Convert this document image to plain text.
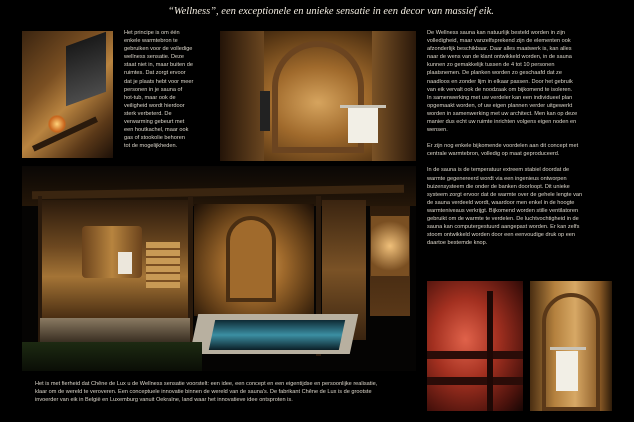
“Wellness”, een exceptionele en unieke sensatie in een decor van massief eik.
Het principe is om één
enkele warmtebron te
gebruiken voor de volledige
wellness sensatie. Deze
staat niet in, maar buiten de
ruimtes. Dat zorgt ervoor
dat je plaats hebt voor meer
personen in je sauna of
hot-tub, maar ook de
veiligheid wordt hierdoor
sterk verbeterd. De
verwarming gebeurt met
een houtkachel, maar ook
gas of stookolie behoren
tot de mogelijkheden.
De Wellness sauna kan natuurlijk besteld worden in zijn
volledigheid, maar vanzelfsprekend zijn de elementen ook
afzonderlijk beschikbaar. Daar alles maatwerk is, kan alles
naar de wens van de klant ontwikkeld worden, in de sauna
kunnen zo gemakkelijk tussen de 4 tot 10 personen
plaatsnemen. De planken worden zo geschaafd dat ze
naadloos en zonder lijm in elkaar passen. Door het gebruik
van eik vervalt ook de noodzaak om bijkomend te isoleren.
In samenwerking met uw verdeler kan een individueel plan
opgemaakt worden, of uw eigen plannen verder uitgewerkt
worden in samenwerking met uw architect. Men kan op deze
manier dus echt uw ruimte inrichten volgens eigen noden en
wensen.
Er zijn nog enkele bijkomende voordelen aan dit concept met
centrale warmtebron, volledig op maat geproduceerd.
In de sauna is de temperatuur extreem stabiel doordat de
warmte gegenereerd wordt via een ingenieus ontworpen
buizensysteem die onder de banken doorloopt. Dit unieke
systeem zorgt ervoor dat de warmte over de gehele lengte van
de sauna verdeeld wordt, waardoor men enkel in de hoogte
warmteniveaus verkrijgt. Bijkomend worden stille ventilatoren
gebruikt om de warmte te verdelen. De luchtvochtigheid in de
sauna kan computergestuurd aangepast worden. Er kan zelfs
stoom ontwikkeld worden door een eenvoudige druk op een
daartoe bestemde knop.
Het is met fierheid dat Chêne de Lux u de Wellness sensatie voorstelt: een idee, een concept en een eigentijdse en persoonlijke realisatie,
klaar om de wereld te veroveren. Een conceptuele innovatie binnen de wereld van de sauna's. De fabrikant Chêne de Lux is de grootste
invoerder van eik in België en Luxemburg vanuit Oekraïne, land waar het innovatieve idee ontsproten is.
